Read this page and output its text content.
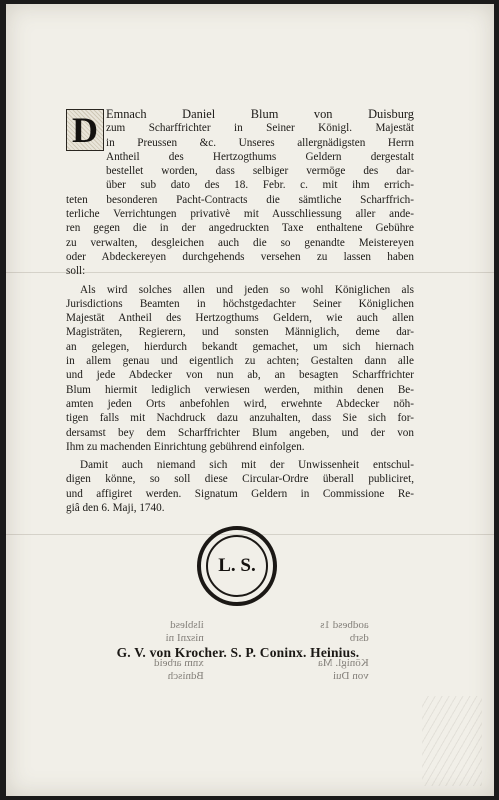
D Emnach Daniel Blum von Duisburg
zum Scharffrichter in Seiner Königl. Majestät
in Preussen &c. Unseres allergnädigsten Herrn
Antheil des Hertzogthums Geldern dergestalt
bestellet worden, dass selbiger vermöge des dar-
über sub dato des 18. Febr. c. mit ihm errich-
teten besonderen Pacht-Contracts die sämtliche Scharffrich-
terliche Verrichtungen privativè mit Ausschliessung aller ande-
ren gegen die in der angedruckten Taxe enthaltene Gebühre
zu verwalten, desgleichen auch die so genandte Meistereyen
oder Abdeckereyen durchgehends versehen zu lassen haben
soll:
Als wird solches allen und jeden so wohl Königlichen als
Jurisdictions Beamten in höchstgedachter Seiner Königlichen
Majestät Antheil des Hertzogthums Geldern, wie auch allen
Magisträten, Regierern, und sonsten Männiglich, deme dar-
an gelegen, hierdurch bekandt gemachet, um sich hiernach
in allem genau und eigentlich zu achten; Gestalten dann alle
und jede Abdecker von nun ab, an besagten Scharffrichter
Blum hiermit lediglich verwiesen werden, mithin denen Be-
amten jeden Orts anbefohlen wird, erwehnte Abdecker nöh-
tigen falls mit Nachdruck dazu anzuhalten, dass Sie sich for-
dersamst bey dem Scharffrichter Blum angeben, und der von
Ihm zu machenden Einrichtung gebührend einfolgen.
Damit auch niemand sich mit der Unwissenheit entschul-
digen könne, so soll diese Circular-Ordre überall publiciret,
und affigiret werden. Signatum Geldern in Commissione Re-
giâ den 6. Maji, 1740.
L. S.
ilsblesd
nisznI ni
xnm arbeid
Bdnisch
aodbesd 1s
dsrb
Königl. Ma
von Dui
G. V. von Krocher. S. P. Coninx. Heinius.
